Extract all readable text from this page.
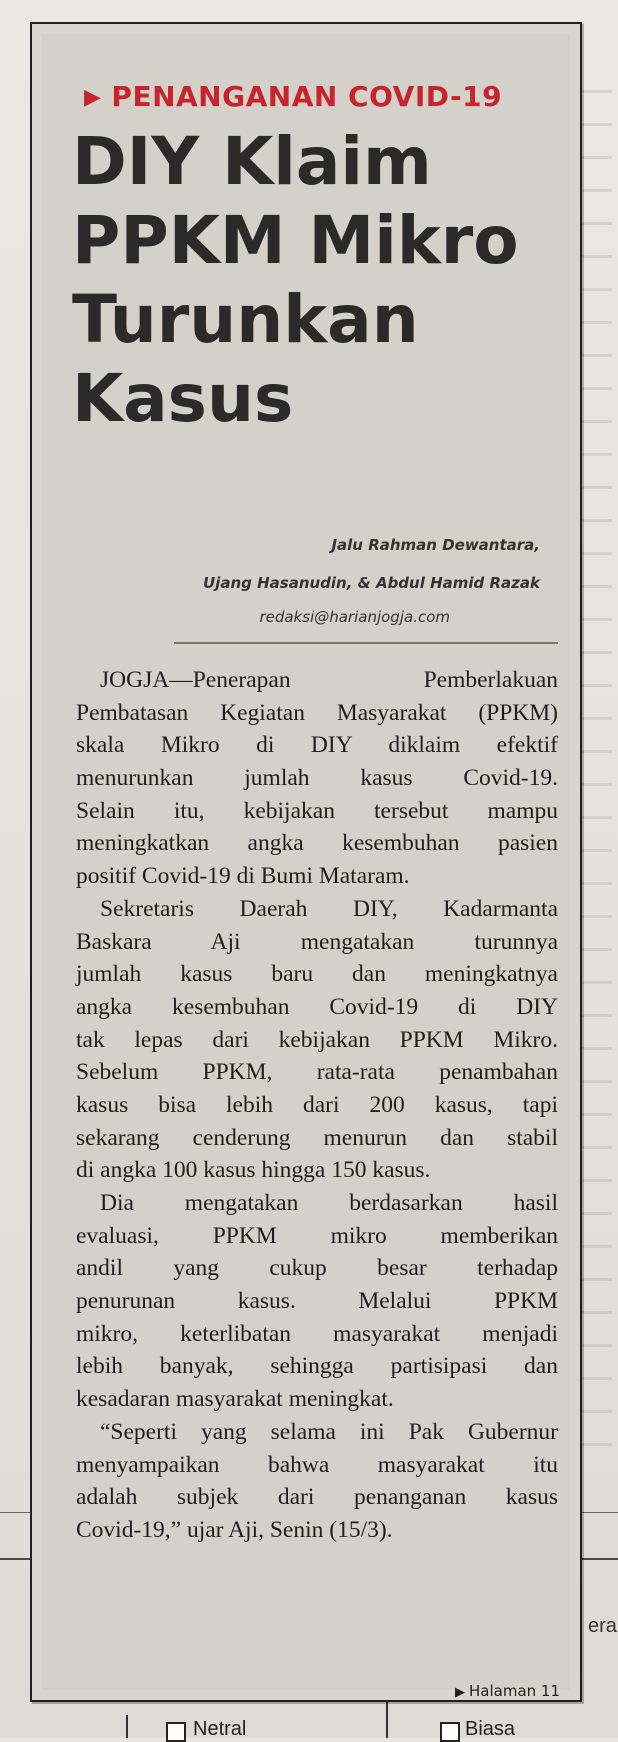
era
Netral	Biasa
▶ PENANGANAN COVID-19
DIY Klaim
PPKM Mikro
Turunkan
Kasus
Jalu Rahman Dewantara,
Ujang Hasanudin, & Abdul Hamid Razak
redaksi@harianjogja.com
JOGJA—Penerapan Pemberlakuan
Pembatasan Kegiatan Masyarakat (PPKM)
skala Mikro di DIY diklaim efektif
menurunkan jumlah kasus Covid-19.
Selain itu, kebijakan tersebut mampu
meningkatkan angka kesembuhan pasien
positif Covid-19 di Bumi Mataram.
Sekretaris Daerah DIY, Kadarmanta
Baskara Aji mengatakan turunnya
jumlah kasus baru dan meningkatnya
angka kesembuhan Covid-19 di DIY
tak lepas dari kebijakan PPKM Mikro.
Sebelum PPKM, rata-rata penambahan
kasus bisa lebih dari 200 kasus, tapi
sekarang cenderung menurun dan stabil
di angka 100 kasus hingga 150 kasus.
Dia mengatakan berdasarkan hasil
evaluasi, PPKM mikro memberikan
andil yang cukup besar terhadap
penurunan kasus. Melalui PPKM
mikro, keterlibatan masyarakat menjadi
lebih banyak, sehingga partisipasi dan
kesadaran masyarakat meningkat.
“Seperti yang selama ini Pak Gubernur
menyampaikan bahwa masyarakat itu
adalah subjek dari penanganan kasus
Covid-19,” ujar Aji, Senin (15/3).
▶ Halaman 11
